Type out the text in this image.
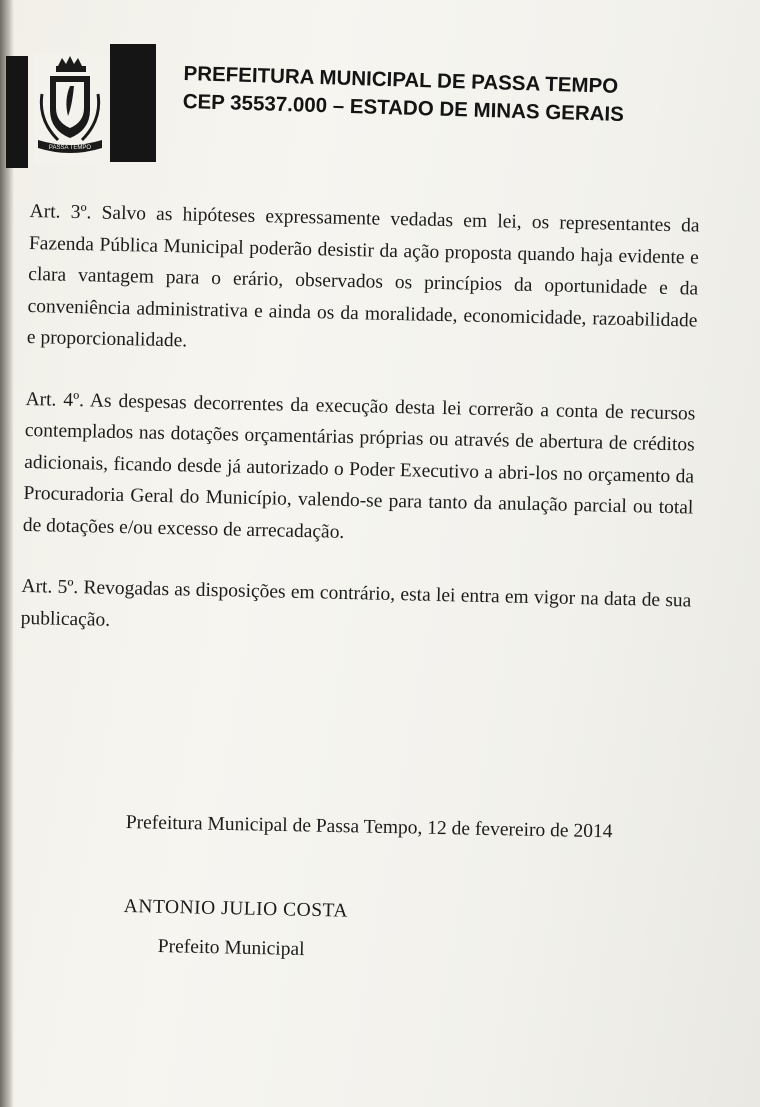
PASSA TEMPO
PREFEITURA MUNICIPAL DE PASSA TEMPO
CEP 35537.000 – ESTADO DE MINAS GERAIS

Art. 3º. Salvo as hipóteses expressamente vedadas em lei, os representantes da Fazenda Pública Municipal poderão desistir da ação proposta quando haja evidente e clara vantagem para o erário, observados os princípios da oportunidade e da conveniência administrativa e ainda os da moralidade, economicidade, razoabilidade e proporcionalidade.

Art. 4º. As despesas decorrentes da execução desta lei correrão a conta de recursos contemplados nas dotações orçamentárias próprias ou através de abertura de créditos adicionais, ficando desde já autorizado o Poder Executivo a abri-los no orçamento da Procuradoria Geral do Município, valendo-se para tanto da anulação parcial ou total de dotações e/ou excesso de arrecadação.

Art. 5º. Revogadas as disposições em contrário, esta lei entra em vigor na data de sua publicação.

Prefeitura Municipal de Passa Tempo, 12 de fevereiro de 2014
ANTONIO JULIO COSTA
Prefeito Municipal
